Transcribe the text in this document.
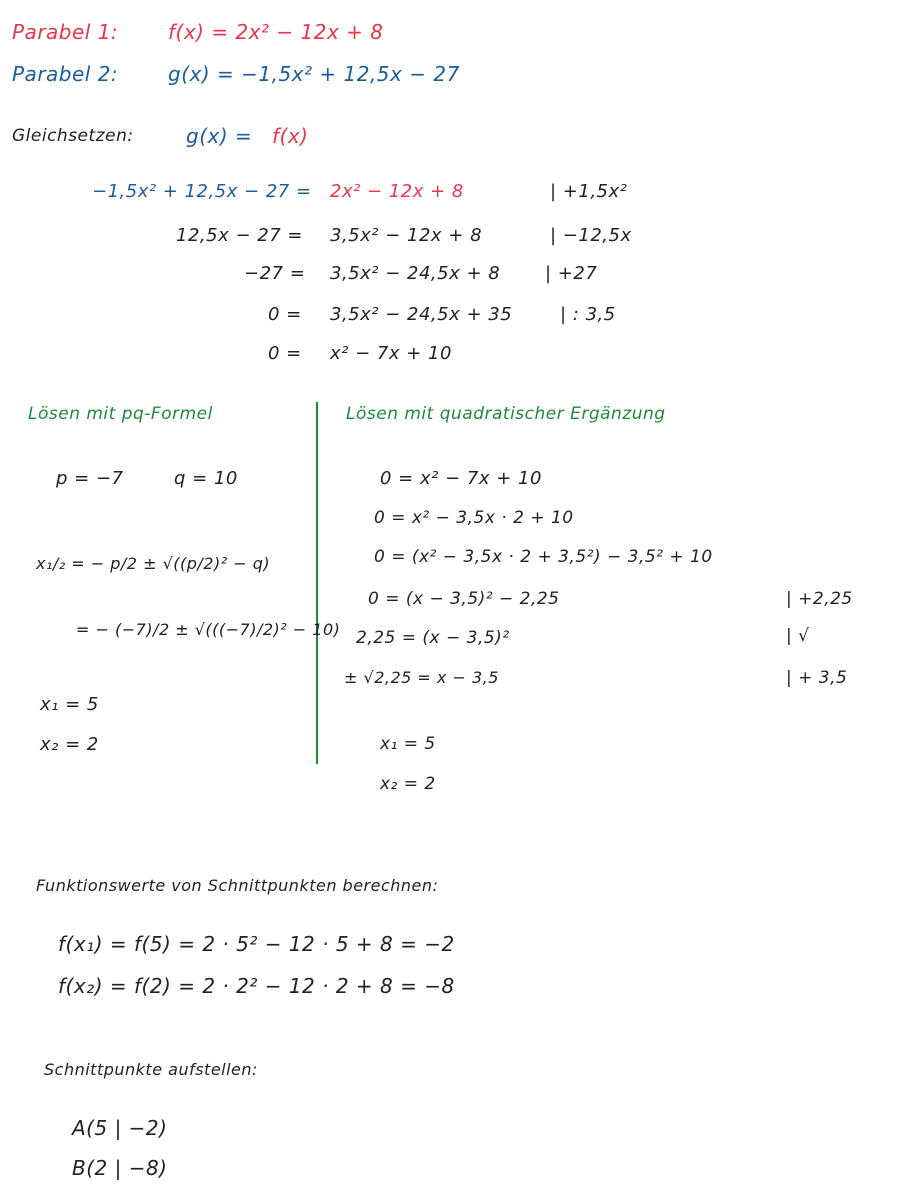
Parabel 1: f(x) = 2x² − 12x + 8
Parabel 2: g(x) = −1,5x² + 12,5x − 27
Gleichsetzen:	g(x) = f(x)
−1,5x² + 12,5x − 27 = 2x² − 12x + 8	| +1,5x²
12,5x − 27 = 3,5x² − 12x + 8	| −12,5x
−27 = 3,5x² − 24,5x + 8 | +27
0 = 3,5x² − 24,5x + 35	| : 3,5
0 = x² − 7x + 10
Lösen mit pq-Formel
p = −7	q = 10
x₁/₂ = − p/2 ± √((p/2)² − q)
= − (−7)/2 ± √(((−7)/2)² − 10)
x₁ = 5
x₂ = 2
Lösen mit quadratischer Ergänzung
0 = x² − 7x + 10
0 = x² − 3,5x · 2 + 10
0 = (x² − 3,5x · 2 + 3,5²) − 3,5² + 10
0 = (x − 3,5)² − 2,25	| +2,25
2,25 = (x − 3,5)²	| √
± √2,25 = x − 3,5	| + 3,5
x₁ = 5
x₂ = 2
Funktionswerte von Schnittpunkten berechnen:
f(x₁) = f(5) = 2 · 5² − 12 · 5 + 8 = −2
f(x₂) = f(2) = 2 · 2² − 12 · 2 + 8 = −8
Schnittpunkte aufstellen:
A(5 | −2)
B(2 | −8)
